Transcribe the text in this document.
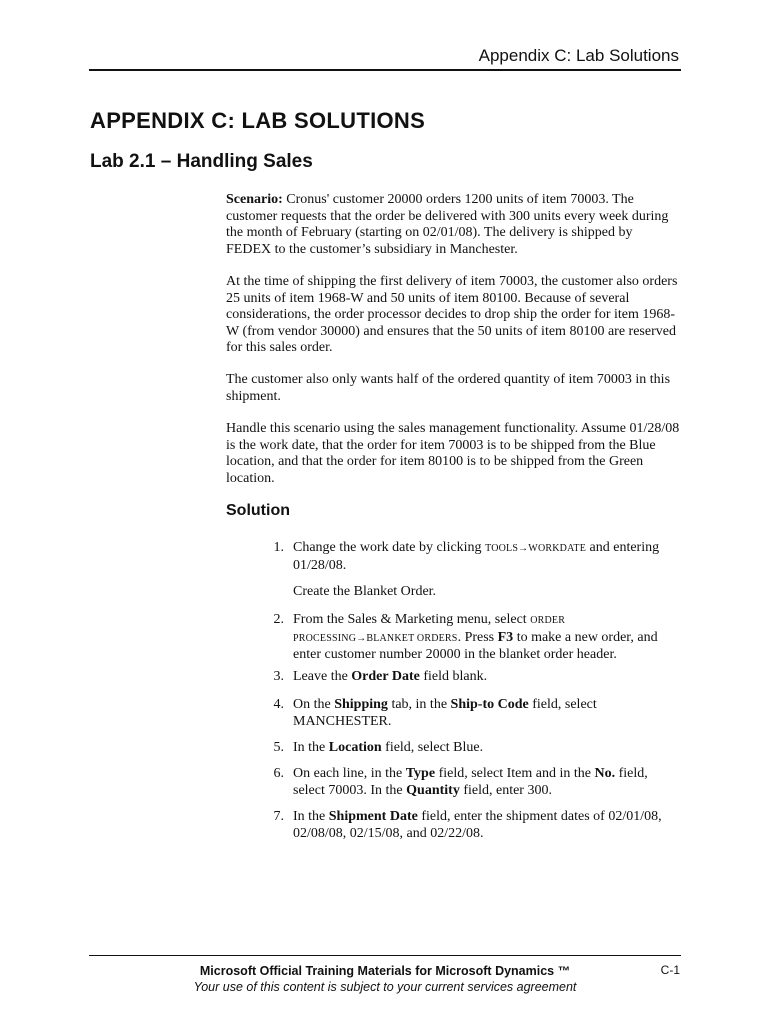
Appendix C: Lab Solutions
APPENDIX C: LAB SOLUTIONS
Lab 2.1 – Handling Sales

Scenario: Cronus' customer 20000 orders 1200 units of item 70003. The customer requests that the order be delivered with 300 units every week during the month of February (starting on 02/01/08). The delivery is shipped by FEDEX to the customer’s subsidiary in Manchester.

At the time of shipping the first delivery of item 70003, the customer also orders 25 units of item 1968-W and 50 units of item 80100. Because of several considerations, the order processor decides to drop ship the order for item 1968-W (from vendor 30000) and ensures that the 50 units of item 80100 are reserved for this sales order.

The customer also only wants half of the ordered quantity of item 70003 in this shipment.

Handle this scenario using the sales management functionality. Assume 01/28/08 is the work date, that the order for item 70003 is to be shipped from the Blue location, and that the order for item 80100 is to be shipped from the Green location.

Solution
1. Change the work date by clicking TOOLS→WORKDATE and entering 01/28/08.
Create the Blanket Order.
2. From the Sales & Marketing menu, select ORDER
PROCESSING→BLANKET ORDERS. Press F3 to make a new order, and enter customer number 20000 in the blanket order header.
3. Leave the Order Date field blank.
4. On the Shipping tab, in the Ship-to Code field, select MANCHESTER.
5. In the Location field, select Blue.
6. On each line, in the Type field, select Item and in the No. field, select 70003. In the Quantity field, enter 300.
7. In the Shipment Date field, enter the shipment dates of 02/01/08, 02/08/08, 02/15/08, and 02/22/08.
Microsoft Official Training Materials for Microsoft Dynamics ™	C-1
Your use of this content is subject to your current services agreement
